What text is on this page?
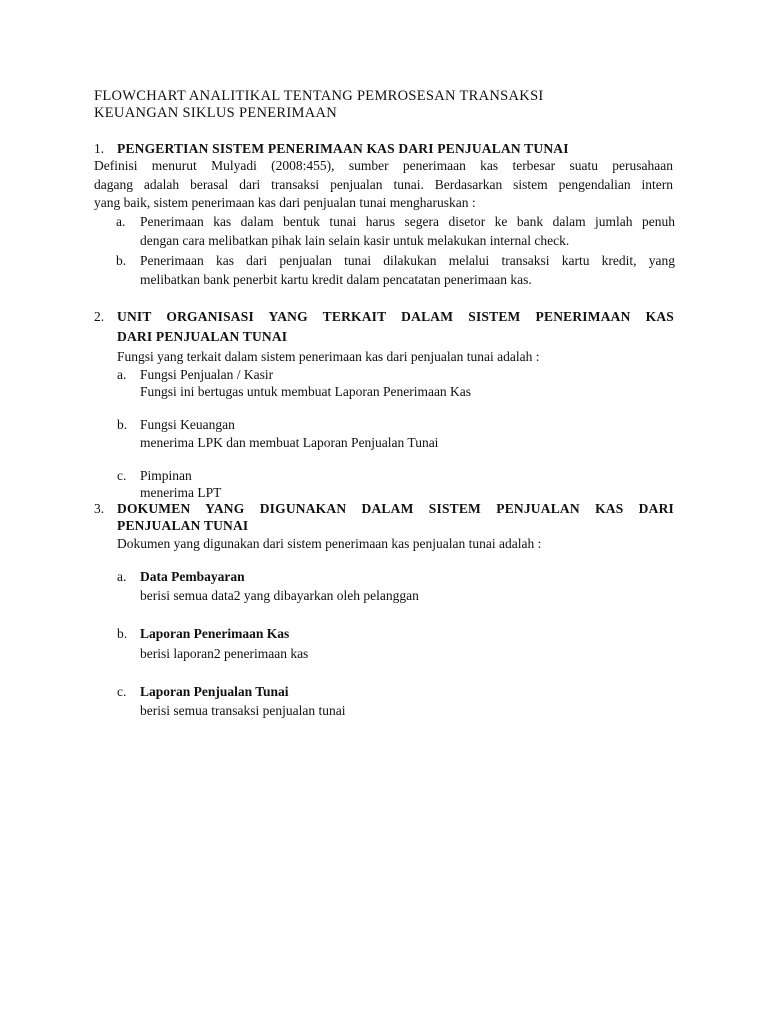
FLOWCHART ANALITIKAL TENTANG PEMROSESAN TRANSAKSI
KEUANGAN SIKLUS PENERIMAAN
1. PENGERTIAN SISTEM PENERIMAAN KAS DARI PENJUALAN TUNAI
Definisi menurut Mulyadi (2008:455), sumber penerimaan kas terbesar suatu perusahaan
dagang adalah berasal dari transaksi penjualan tunai. Berdasarkan sistem pengendalian intern
yang baik, sistem penerimaan kas dari penjualan tunai mengharuskan :
a. Penerimaan kas dalam bentuk tunai harus segera disetor ke bank dalam jumlah penuh
dengan cara melibatkan pihak lain selain kasir untuk melakukan internal check.
b. Penerimaan kas dari penjualan tunai dilakukan melalui transaksi kartu kredit, yang
melibatkan bank penerbit kartu kredit dalam pencatatan penerimaan kas.
2. UNIT ORGANISASI YANG TERKAIT DALAM SISTEM PENERIMAAN KAS
DARI PENJUALAN TUNAI
Fungsi yang terkait dalam sistem penerimaan kas dari penjualan tunai adalah :
a. Fungsi Penjualan / Kasir
Fungsi ini bertugas untuk membuat Laporan Penerimaan Kas
b. Fungsi Keuangan
menerima LPK dan membuat Laporan Penjualan Tunai
c. Pimpinan
menerima LPT
3. DOKUMEN YANG DIGUNAKAN DALAM SISTEM PENJUALAN KAS DARI
PENJUALAN TUNAI
Dokumen yang digunakan dari sistem penerimaan kas penjualan tunai adalah :
a. Data Pembayaran
berisi semua data2 yang dibayarkan oleh pelanggan
b. Laporan Penerimaan Kas
berisi laporan2 penerimaan kas
c. Laporan Penjualan Tunai
berisi semua transaksi penjualan tunai
